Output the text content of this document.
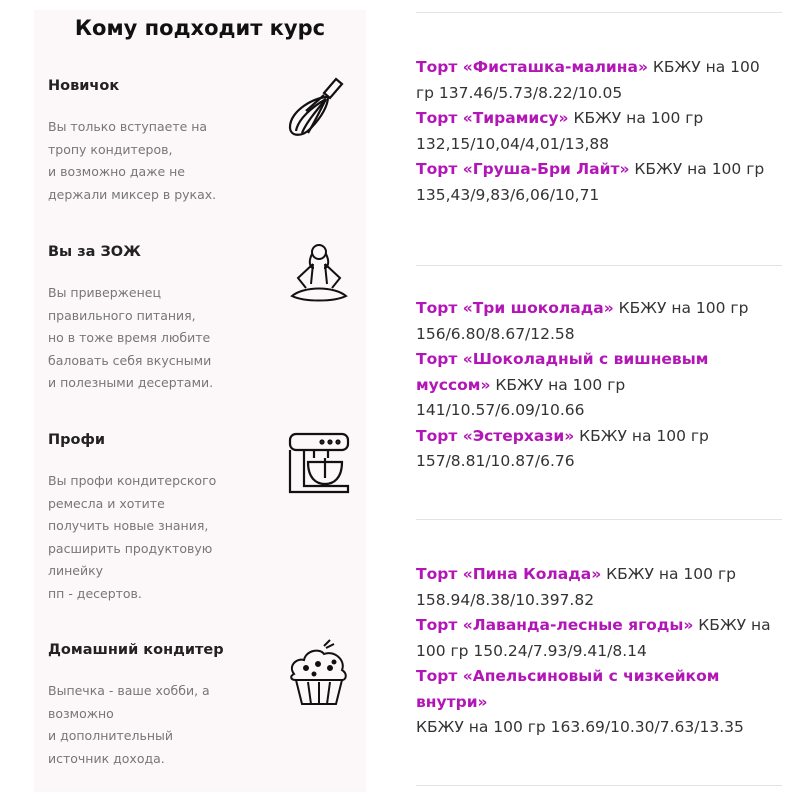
Кому подходит курс
Новичок
Вы только вступаете на
тропу кондитеров,
и возможно даже не
держали миксер в руках.
Вы за ЗОЖ
Вы приверженец
правильного питания,
но в тоже время любите
баловать себя вкусными
и полезными десертами.
Профи
Вы профи кондитерского
ремесла и хотите
получить новые знания,
расширить продуктовую
линейку
пп - десертов.
Домашний кондитер
Выпечка - ваше хобби, а
возможно
и дополнительный
источник дохода.

Торт «Фисташка-малина» КБЖУ на 100 гр 137.46/5.73/8.22/10.05

Торт «Тирамису» КБЖУ на 100 гр 132,15/10,04/4,01/13,88

Торт «Груша-Бри Лайт» КБЖУ на 100 гр 135,43/9,83/6,06/10,71

Торт «Три шоколада» КБЖУ на 100 гр 156/6.80/8.67/12.58

Торт «Шоколадный с вишневым муссом» КБЖУ на 100 гр 141/10.57/6.09/10.66

Торт «Эстерхази» КБЖУ на 100 гр 157/8.81/10.87/6.76

Торт «Пина Колада» КБЖУ на 100 гр 158.94/8.38/10.397.82

Торт «Лаванда-лесные ягоды» КБЖУ на 100 гр 150.24/7.93/9.41/8.14

Торт «Апельсиновый с чизкейком внутри»
КБЖУ на 100 гр 163.69/10.30/7.63/13.35
